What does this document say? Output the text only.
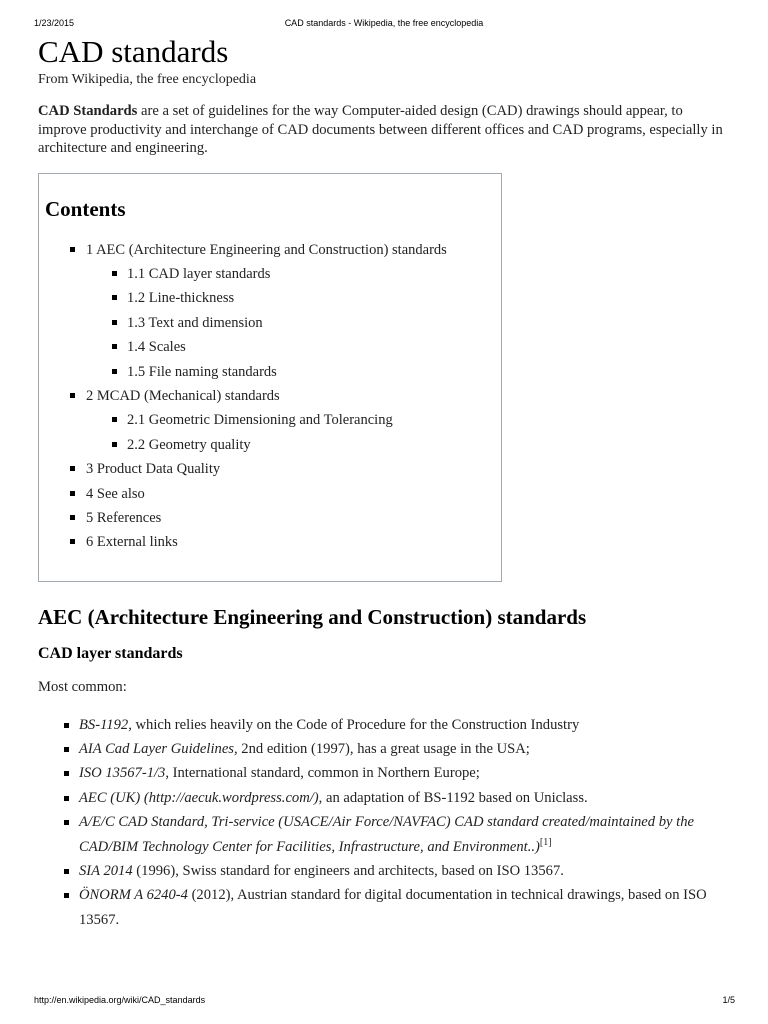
1/23/2015	CAD standards - Wikipedia, the free encyclopedia
CAD standards
From Wikipedia, the free encyclopedia

CAD Standards are a set of guidelines for the way Computer-aided design (CAD) drawings should appear, to improve productivity and interchange of CAD documents between different offices and CAD programs, especially in architecture and engineering.

Contents
1 AEC (Architecture Engineering and Construction) standards
1.1 CAD layer standards
1.2 Line-thickness
1.3 Text and dimension
1.4 Scales
1.5 File naming standards
2 MCAD (Mechanical) standards
2.1 Geometric Dimensioning and Tolerancing
2.2 Geometry quality
3 Product Data Quality
4 See also
5 References
6 External links
AEC (Architecture Engineering and Construction) standards
CAD layer standards

Most common:

BS-1192, which relies heavily on the Code of Procedure for the Construction Industry
AIA Cad Layer Guidelines, 2nd edition (1997), has a great usage in the USA;
ISO 13567-1/3, International standard, common in Northern Europe;
AEC (UK) (http://aecuk.wordpress.com/), an adaptation of BS-1192 based on Uniclass.
A/E/C CAD Standard, Tri-service (USACE/Air Force/NAVFAC) CAD standard created/maintained by the CAD/BIM Technology Center for Facilities, Infrastructure, and Environment..)[1]
SIA 2014 (1996), Swiss standard for engineers and architects, based on ISO 13567.
ÖNORM A 6240-4 (2012), Austrian standard for digital documentation in technical drawings, based on ISO 13567.
http://en.wikipedia.org/wiki/CAD_standards	1/5
